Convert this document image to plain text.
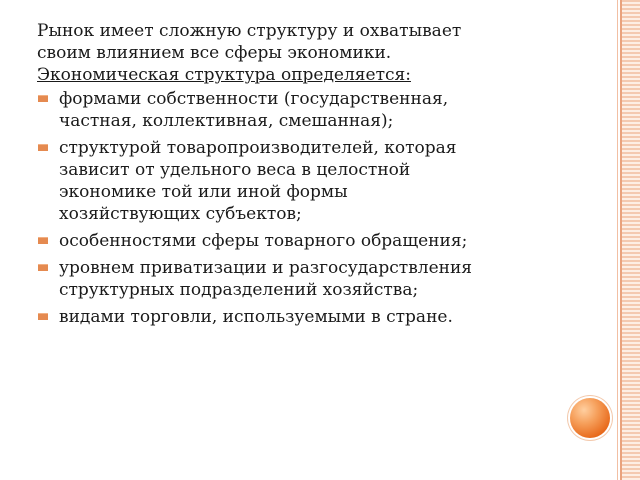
Рынок имеет сложную структуру и охватывает
своим влиянием все сферы экономики.
Экономическая структура определяется:

формами собственности (государственная,
частная, коллективная, смешанная);
структурой товаропроизводителей, которая
зависит от удельного веса в целостной
экономике той или иной формы
хозяйствующих субъектов;
особенностями сферы товарного обращения;
уровнем приватизации и разгосударствления
структурных подразделений хозяйства;
видами торговли, используемыми в стране.
